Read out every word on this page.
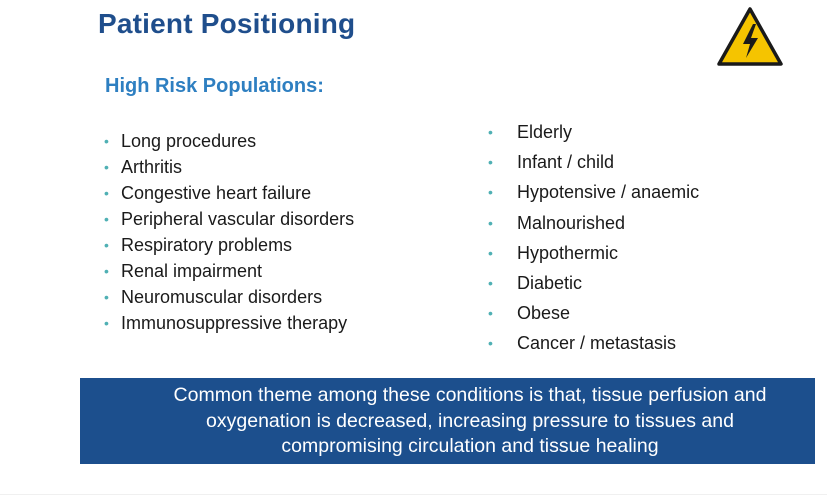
Patient Positioning
High Risk Populations:
• Long procedures
• Arthritis
• Congestive heart failure
• Peripheral vascular disorders
• Respiratory problems
• Renal impairment
• Neuromuscular disorders
• Immunosuppressive therapy
• Elderly
• Infant / child
• Hypotensive / anaemic
• Malnourished
• Hypothermic
• Diabetic
• Obese
• Cancer / metastasis
Common theme among these conditions is that, tissue perfusion and
oxygenation is decreased, increasing pressure to tissues and
compromising circulation and tissue healing
